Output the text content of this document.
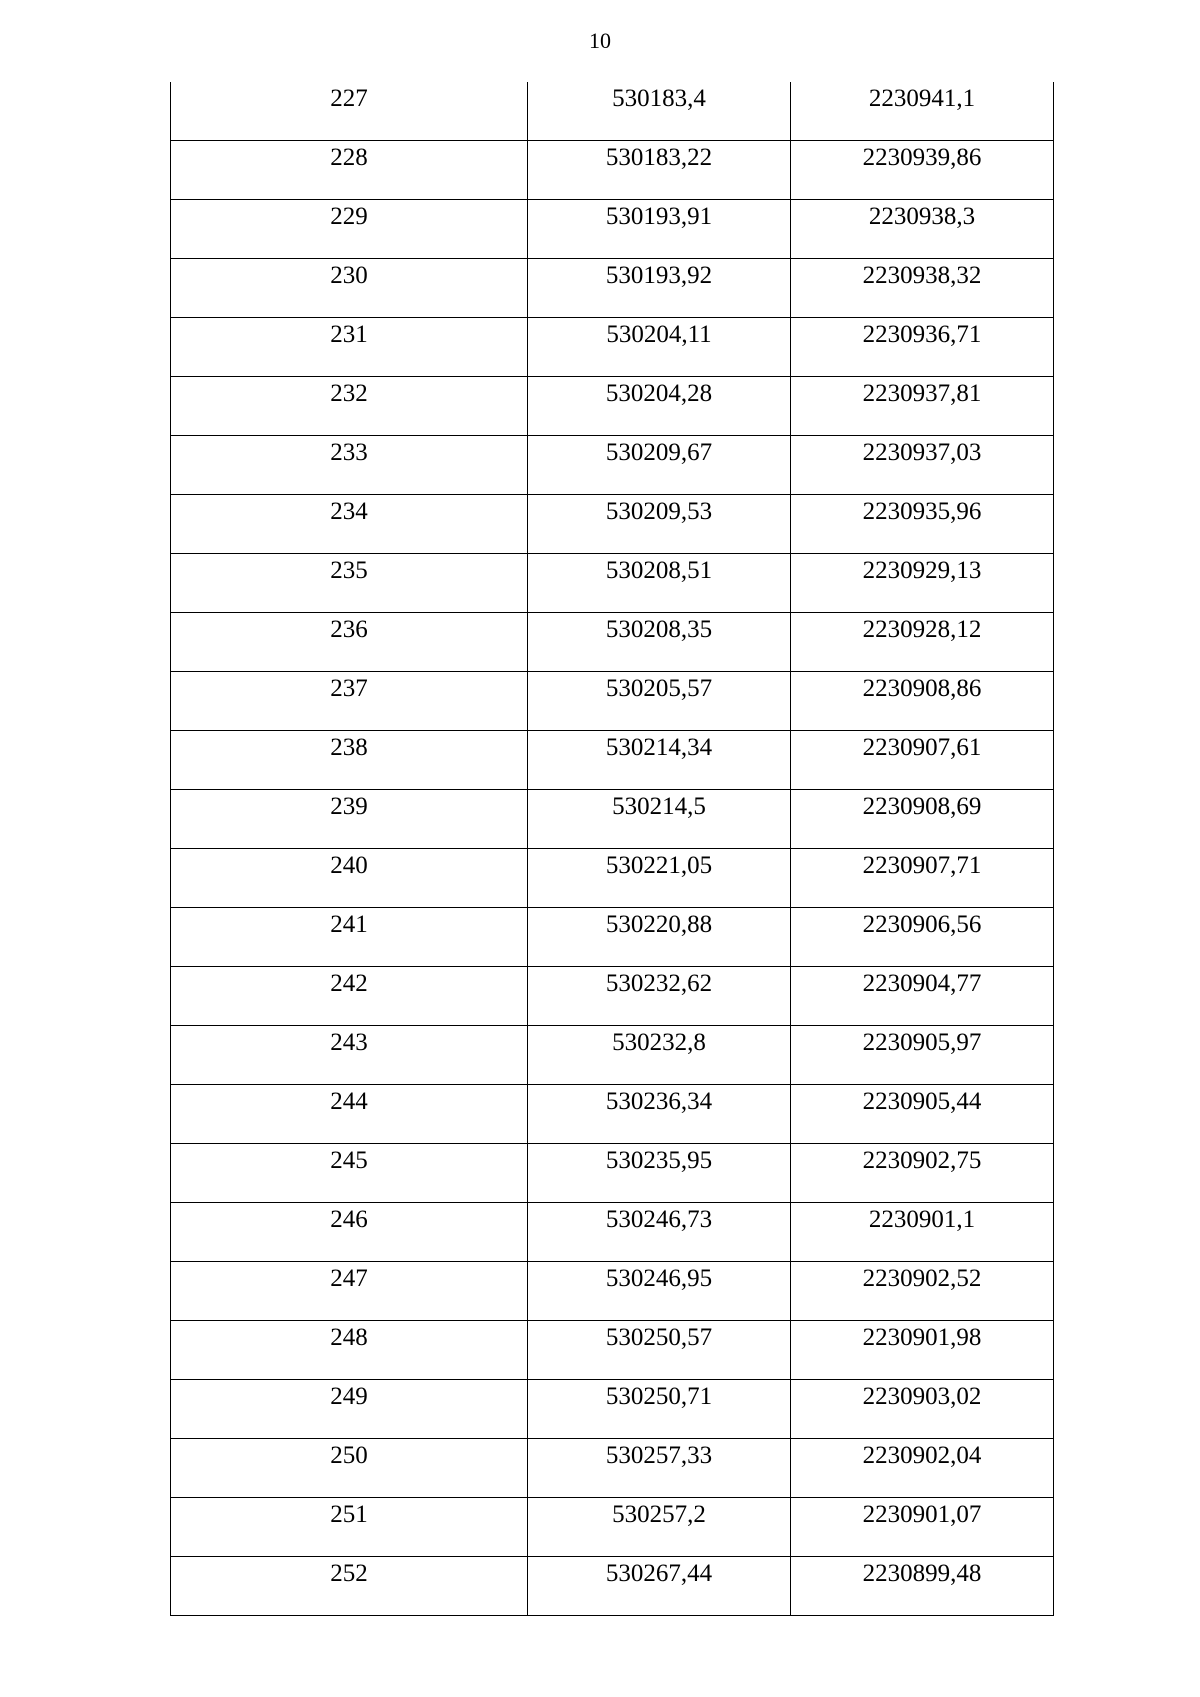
10
227	530183,4	2230941,1
228	530183,22	2230939,86
229	530193,91	2230938,3
230	530193,92	2230938,32
231	530204,11	2230936,71
232	530204,28	2230937,81
233	530209,67	2230937,03
234	530209,53	2230935,96
235	530208,51	2230929,13
236	530208,35	2230928,12
237	530205,57	2230908,86
238	530214,34	2230907,61
239	530214,5	2230908,69
240	530221,05	2230907,71
241	530220,88	2230906,56
242	530232,62	2230904,77
243	530232,8	2230905,97
244	530236,34	2230905,44
245	530235,95	2230902,75
246	530246,73	2230901,1
247	530246,95	2230902,52
248	530250,57	2230901,98
249	530250,71	2230903,02
250	530257,33	2230902,04
251	530257,2	2230901,07
252	530267,44	2230899,48
